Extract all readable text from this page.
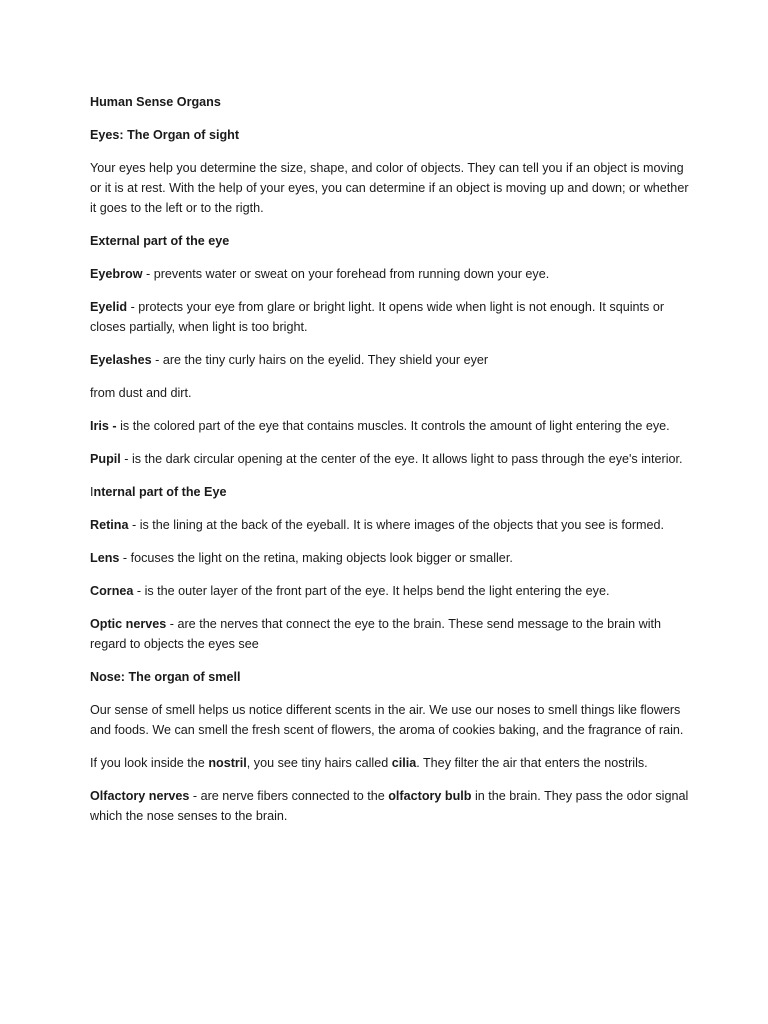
Human Sense Organs

Eyes: The Organ of sight

Your eyes help you determine the size, shape, and color of objects. They can tell you if an object is moving or it is at rest. With the help of your eyes, you can determine if an object is moving up and down; or whether it goes to the left or to the rigth.

External part of the eye

Eyebrow - prevents water or sweat on your forehead from running down your eye.

Eyelid - protects your eye from glare or bright light. It opens wide when light is not enough. It squints or closes partially, when light is too bright.

Eyelashes - are the tiny curly hairs on the eyelid. They shield your eyer

from dust and dirt.

Iris - is the colored part of the eye that contains muscles. It controls the amount of light entering the eye.

Pupil - is the dark circular opening at the center of the eye. It allows light to pass through the eye's interior.

Internal part of the Eye

Retina - is the lining at the back of the eyeball. It is where images of the objects that you see is formed.

Lens - focuses the light on the retina, making objects look bigger or smaller.

Cornea - is the outer layer of the front part of the eye. It helps bend the light entering the eye.

Optic nerves - are the nerves that connect the eye to the brain. These send message to the brain with regard to objects the eyes see

Nose: The organ of smell

Our sense of smell helps us notice different scents in the air. We use our noses to smell things like flowers and foods. We can smell the fresh scent of flowers, the aroma of cookies baking, and the fragrance of rain.

If you look inside the nostril, you see tiny hairs called cilia. They filter the air that enters the nostrils.

Olfactory nerves - are nerve fibers connected to the olfactory bulb in the brain. They pass the odor signal which the nose senses to the brain.
